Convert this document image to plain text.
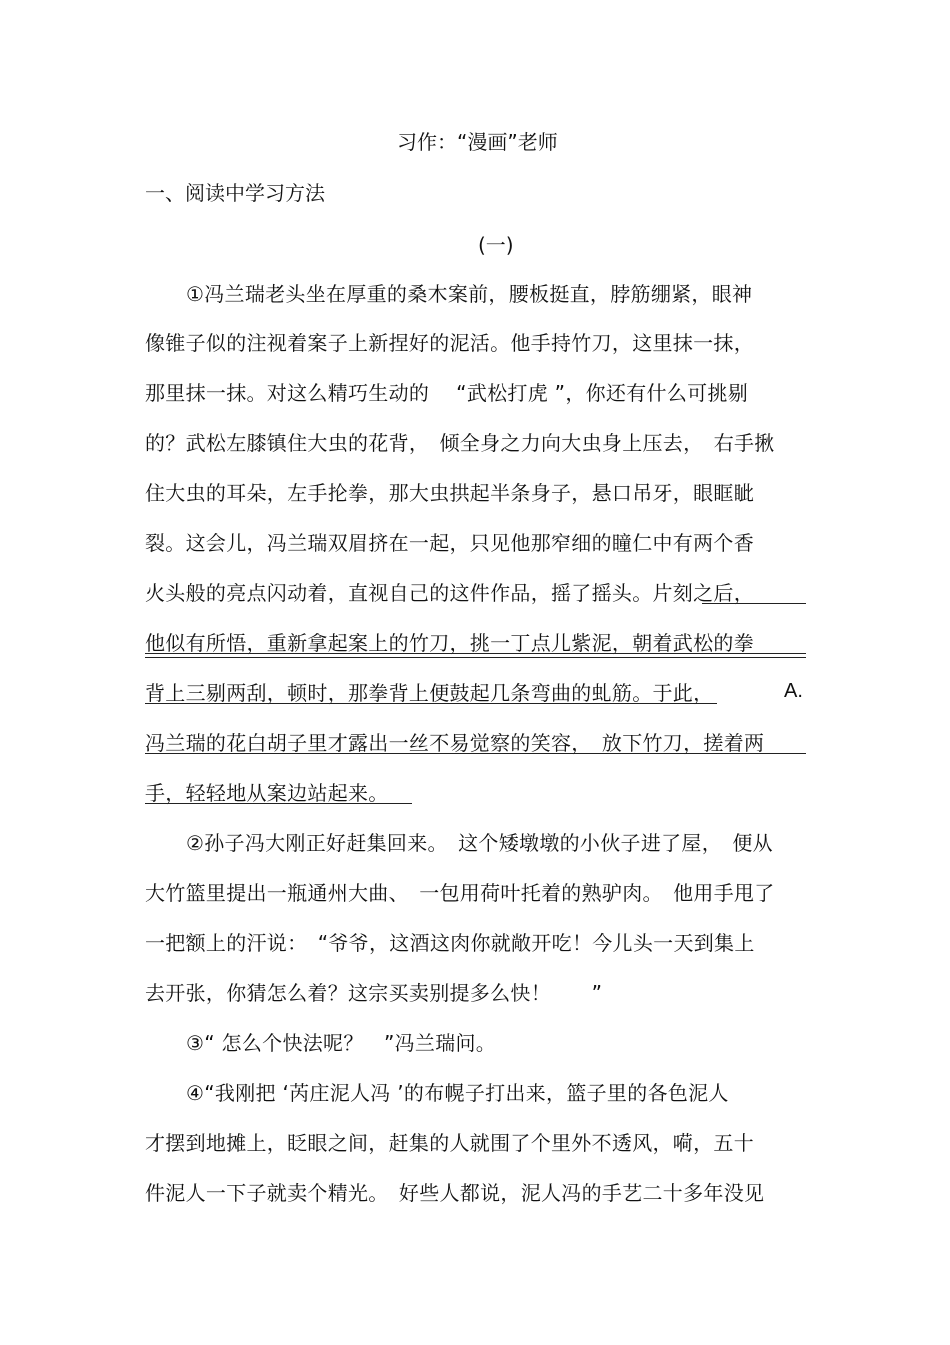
习作：“漫画”老师
一、阅读中学习方法
(一)
①冯兰瑞老头坐在厚重的桑木案前，腰板挺直，脖筋绷紧，眼神
像锥子似的注视着案子上新捏好的泥活。他手持竹刀，这里抹一抹，
那里抹一抹。对这么精巧生动的　 “武松打虎 ”，你还有什么可挑剔
的？武松左膝镇住大虫的花背，　倾全身之力向大虫身上压去，　右手揪
住大虫的耳朵，左手抡拳，那大虫拱起半条身子，悬口吊牙，眼眶眦
裂。这会儿，冯兰瑞双眉挤在一起，只见他那窄细的瞳仁中有两个香
火头般的亮点闪动着，直视自己的这件作品，摇了摇头。片刻之后，
他似有所悟，重新拿起案上的竹刀，挑一丁点儿紫泥，朝着武松的拳
背上三剔两刮，顿时，那拳背上便鼓起几条弯曲的虬筋。于此，	A.
冯兰瑞的花白胡子里才露出一丝不易觉察的笑容，　放下竹刀，搓着两
手，轻轻地从案边站起来。
②孙子冯大刚正好赶集回来。　这个矮墩墩的小伙子进了屋，　便从
大竹篮里提出一瓶通州大曲、　一包用荷叶托着的熟驴肉。　他用手甩了
一把额上的汗说：　“爷爷，这酒这肉你就敞开吃！今儿头一天到集上
去开张，你猜怎么着？这宗买卖别提多么快！　　”
③“ 怎么个快法呢？　”冯兰瑞问。
④“我刚把 ‘芮庄泥人冯 ’的布幌子打出来，篮子里的各色泥人
才摆到地摊上，眨眼之间，赶集的人就围了个里外不透风，嗬，五十
件泥人一下子就卖个精光。　好些人都说，泥人冯的手艺二十多年没见
